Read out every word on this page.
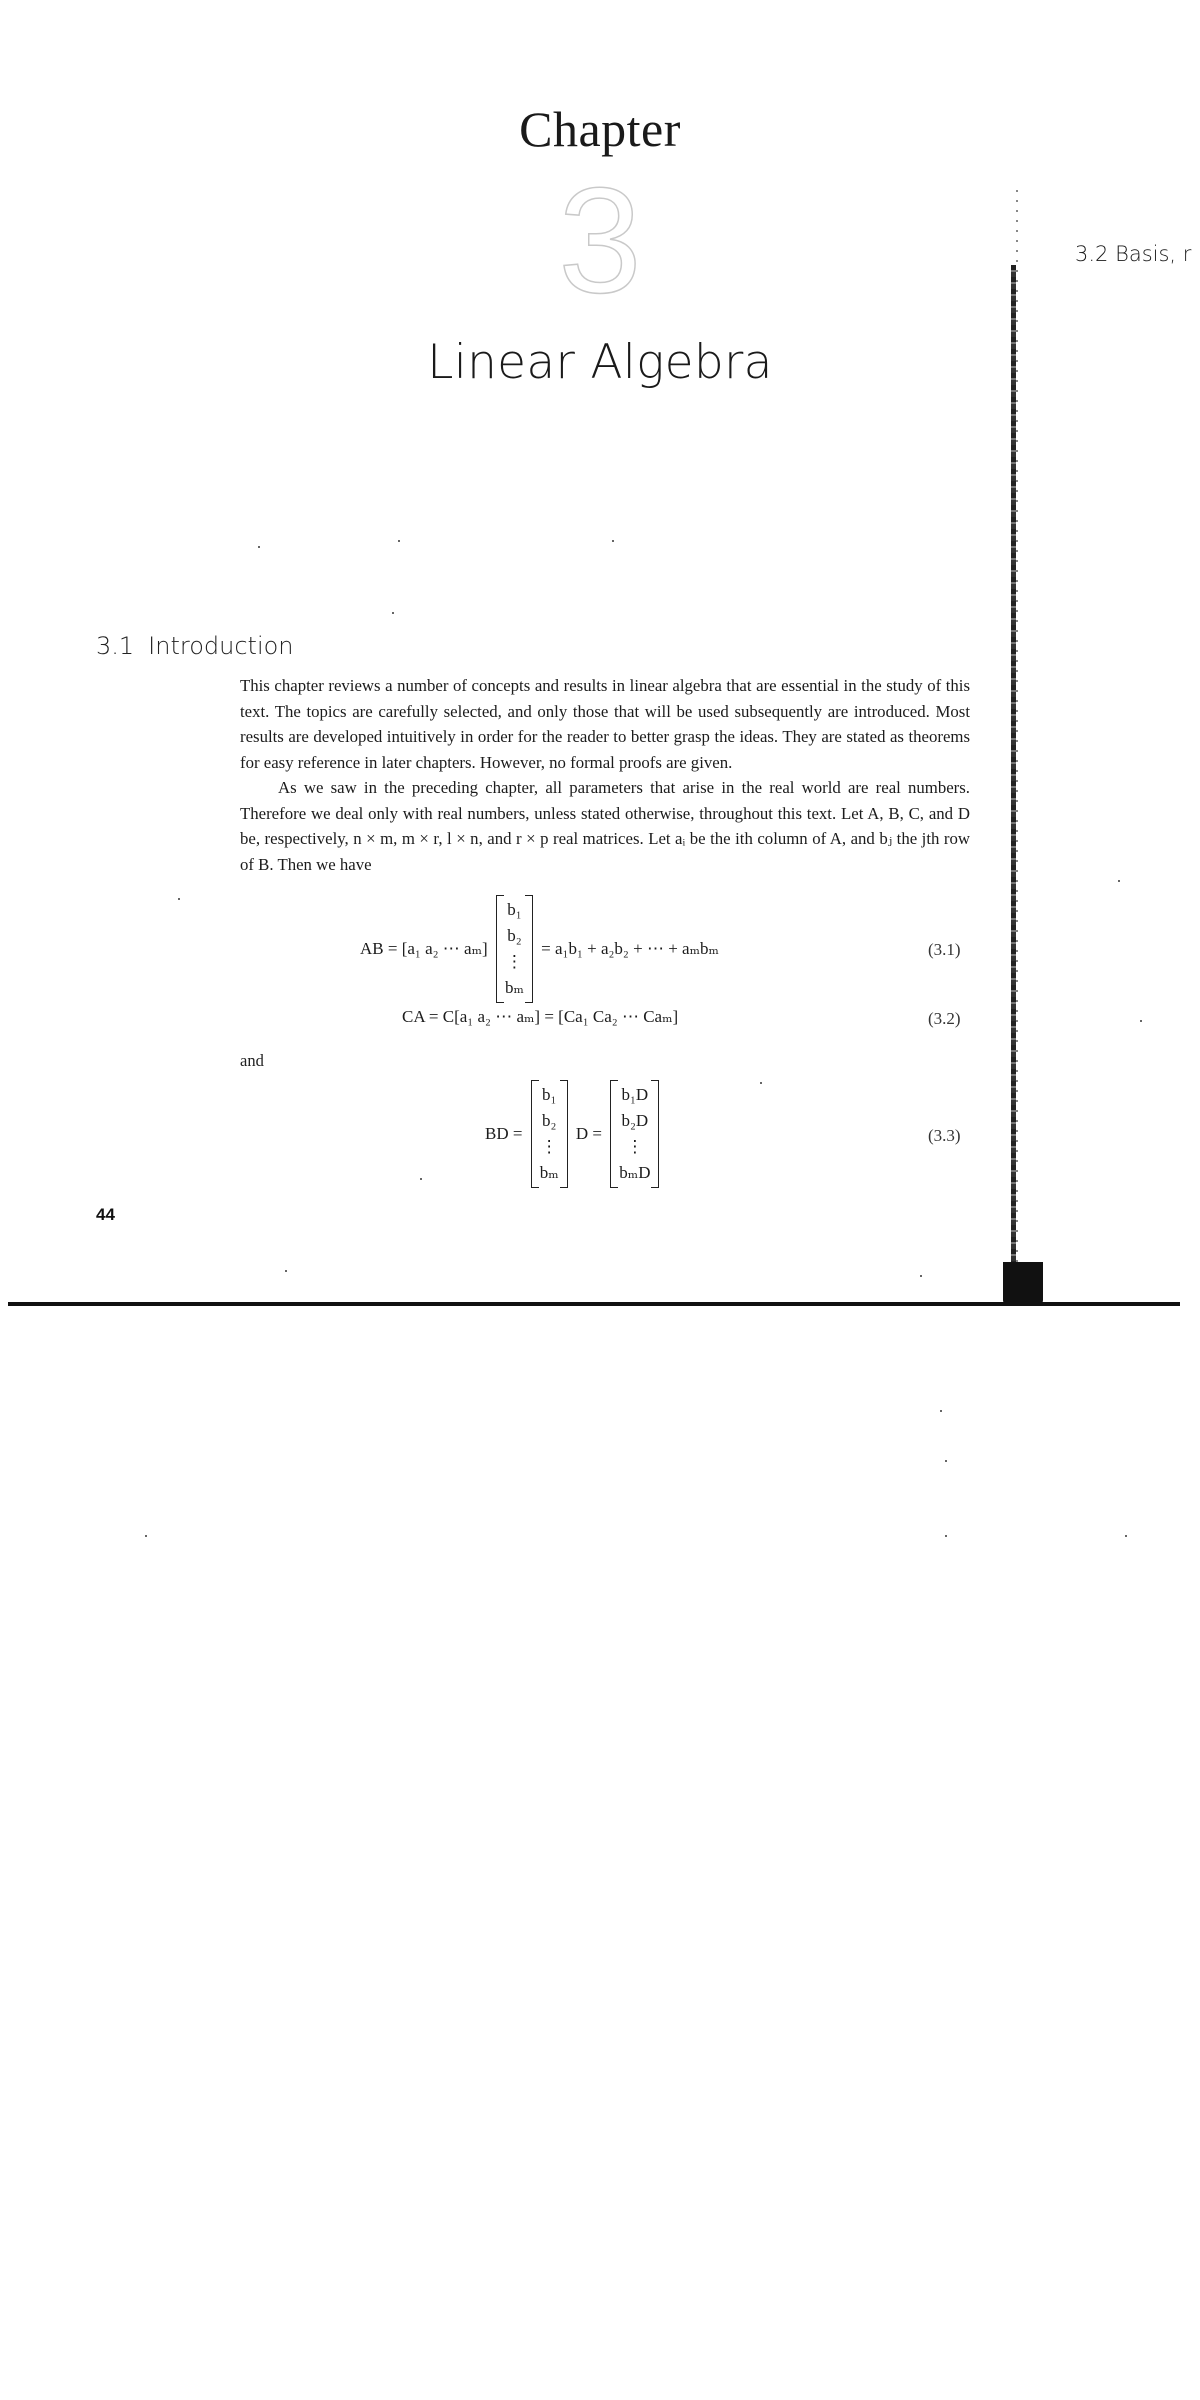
Chapter
3
Linear Algebra
3.1 Introduction

This chapter reviews a number of concepts and results in linear algebra that are essential in the study of this text. The topics are carefully selected, and only those that will be used subsequently are introduced. Most results are developed intuitively in order for the reader to better grasp the ideas. They are stated as theorems for easy reference in later chapters. However, no formal proofs are given.

As we saw in the preceding chapter, all parameters that arise in the real world are real numbers. Therefore we deal only with real numbers, unless stated otherwise, throughout this text. Let A, B, C, and D be, respectively, n × m, m × r, l × n, and r × p real matrices. Let aᵢ be the ith column of A, and bⱼ the jth row of B. Then we have

AB = [a₁ a₂ ⋯ aₘ]
b₁
b₂
⋮
bₘ
= a₁b₁ + a₂b₂ + ⋯ + aₘbₘ	(3.1)
CA = C[a₁ a₂ ⋯ aₘ] = [Ca₁ Ca₂ ⋯ Caₘ]	(3.2)
and
BD =
b₁
b₂
⋮
bₘ
D =
b₁D
b₂D
⋮
bₘD
(3.3)
44
3.2 Basis, r
